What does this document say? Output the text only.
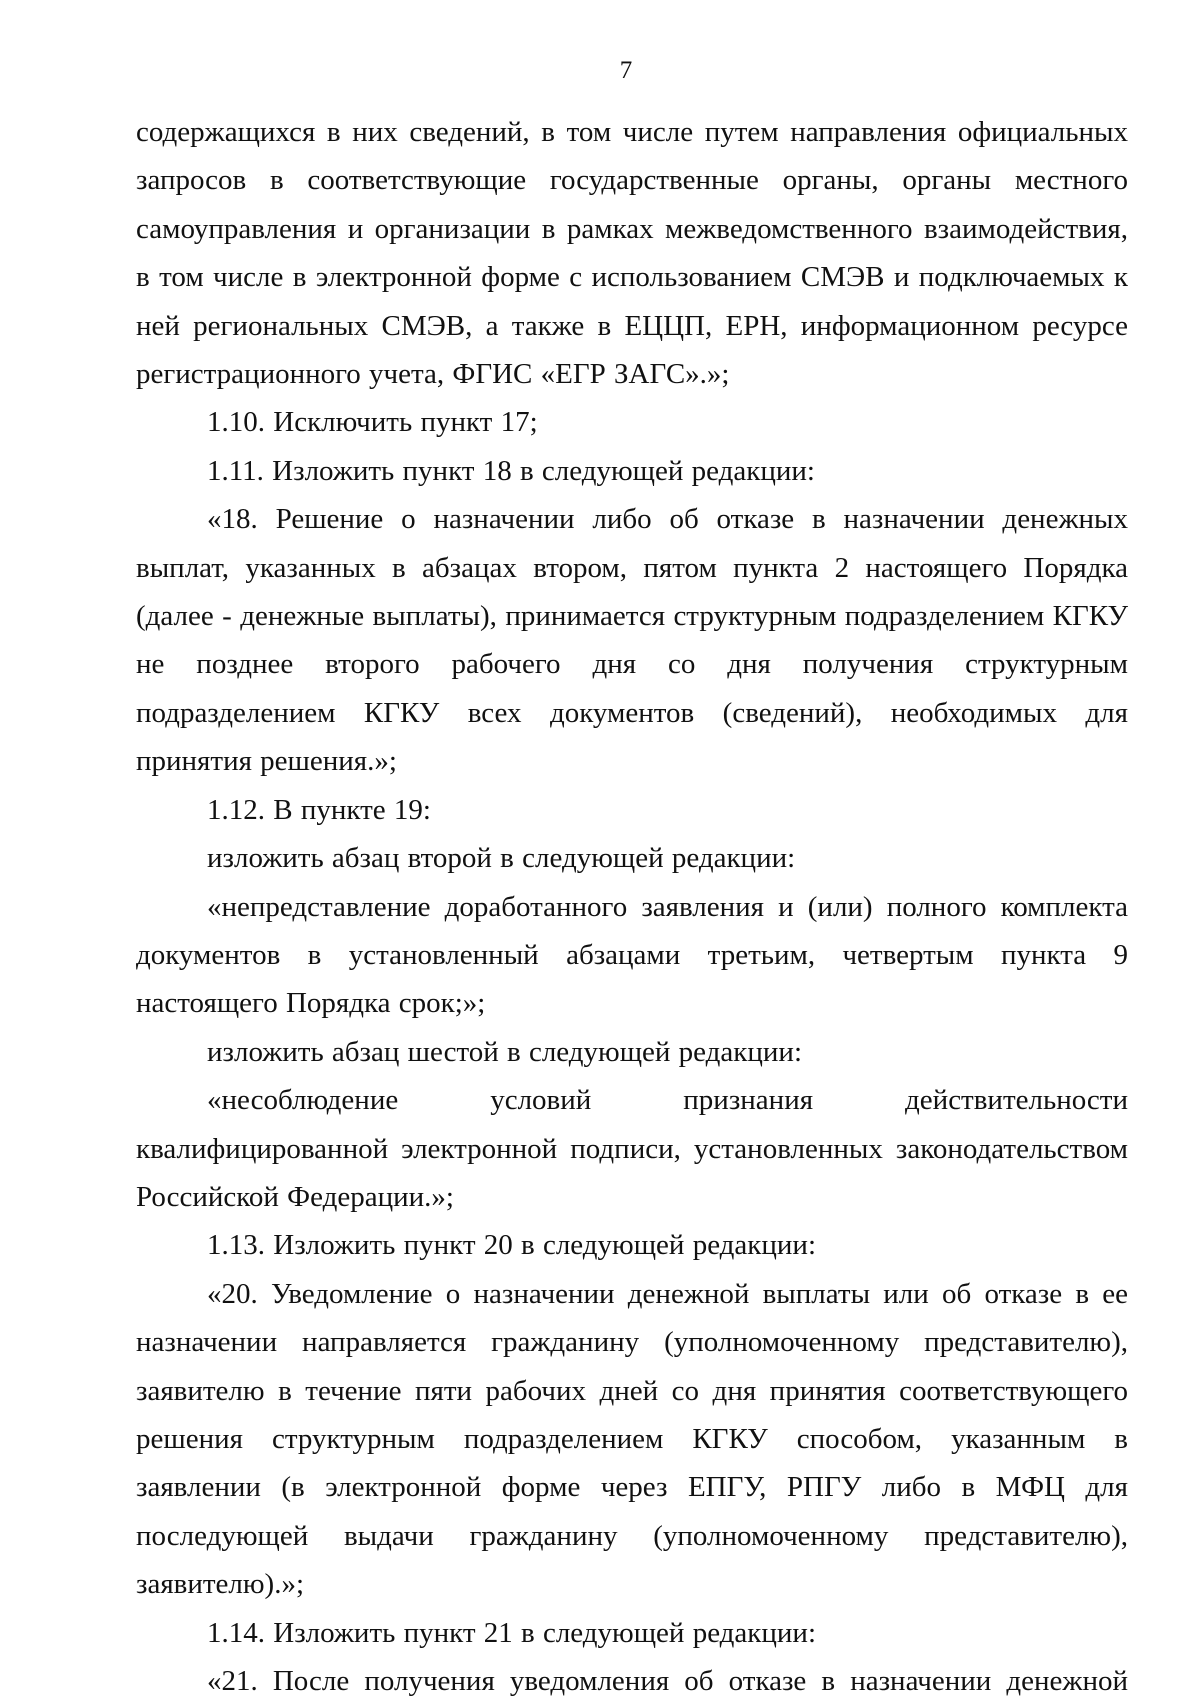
7

содержащихся в них сведений, в том числе путем направления официальных запросов в соответствующие государственные органы, органы местного самоуправления и организации в рамках межведомственного взаимодействия, в том числе в электронной форме с использованием СМЭВ и подключаемых к ней региональных СМЭВ, а также в ЕЦЦП, ЕРН, информационном ресурсе регистрационного учета, ФГИС «ЕГР ЗАГС».»;

1.10. Исключить пункт 17;

1.11. Изложить пункт 18 в следующей редакции:

«18. Решение о назначении либо об отказе в назначении денежных выплат, указанных в абзацах втором, пятом пункта 2 настоящего Порядка (далее - денежные выплаты), принимается структурным подразделением КГКУ не позднее второго рабочего дня со дня получения структурным подразделением КГКУ всех документов (сведений), необходимых для принятия решения.»;

1.12. В пункте 19:

изложить абзац второй в следующей редакции:

«непредставление доработанного заявления и (или) полного комплекта документов в установленный абзацами третьим, четвертым пункта 9 настоящего Порядка срок;»;

изложить абзац шестой в следующей редакции:

«несоблюдение условий признания действительности квалифицированной электронной подписи, установленных законодательством Российской Федерации.»;

1.13. Изложить пункт 20 в следующей редакции:

«20. Уведомление о назначении денежной выплаты или об отказе в ее назначении направляется гражданину (уполномоченному представителю), заявителю в течение пяти рабочих дней со дня принятия соответствующего решения структурным подразделением КГКУ способом, указанным в заявлении (в электронной форме через ЕПГУ, РПГУ либо в МФЦ для последующей выдачи гражданину (уполномоченному представителю), заявителю).»;

1.14. Изложить пункт 21 в следующей редакции:

«21. После получения уведомления об отказе в назначении денежной
